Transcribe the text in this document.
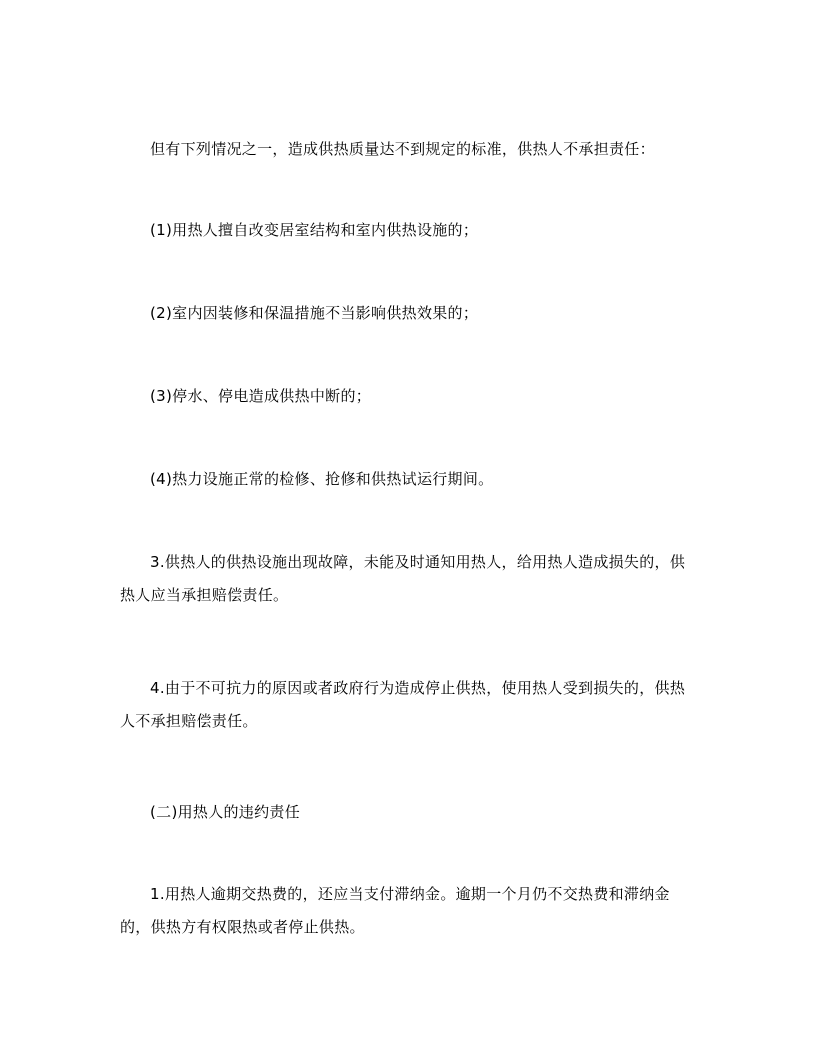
但有下列情况之一，造成供热质量达不到规定的标准，供热人不承担责任：

(1)用热人擅自改变居室结构和室内供热设施的；

(2)室内因装修和保温措施不当影响供热效果的；

(3)停水、停电造成供热中断的；

(4)热力设施正常的检修、抢修和供热试运行期间。

3.供热人的供热设施出现故障，未能及时通知用热人，给用热人造成损失的，供热人应当承担赔偿责任。

4.由于不可抗力的原因或者政府行为造成停止供热，使用热人受到损失的，供热人不承担赔偿责任。

(二)用热人的违约责任

1.用热人逾期交热费的，还应当支付滞纳金。逾期一个月仍不交热费和滞纳金的，供热方有权限热或者停止供热。
